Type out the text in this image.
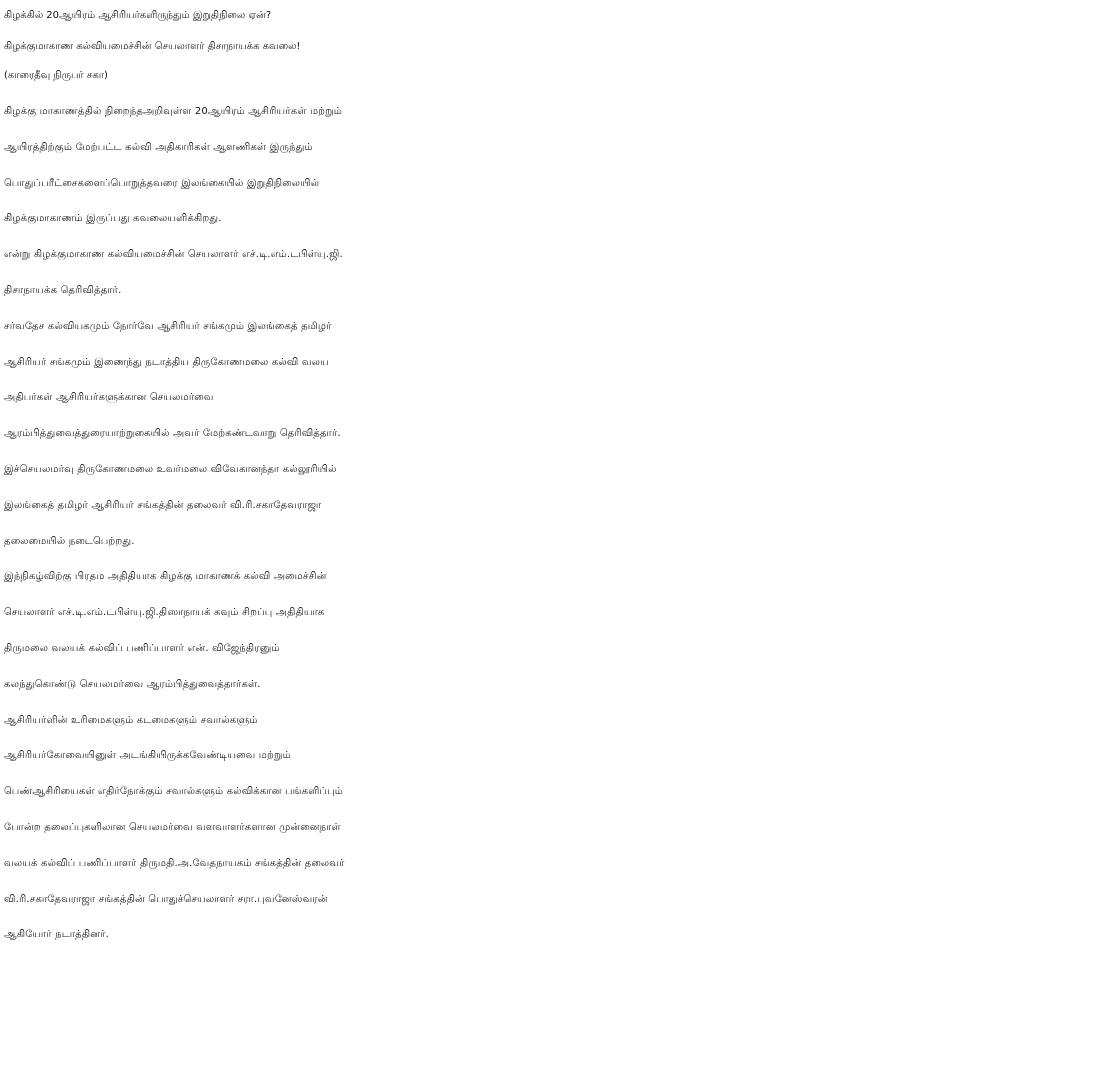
கிழக்கில் 20ஆயிரம் ஆசிரியர்களிருந்தும் இறுதிநிலை ஏன்?
கிழக்குமாகாண கல்வியமைச்சின் செயலாளர் திசாநாயக்க கவலை!
(காரைதீவு நிருபர் சகா)
கிழக்கு மாகாணத்தில் நிறைந்தஅறிவுள்ள 20ஆயிரம் ஆசிரியர்கள் மற்றும்
ஆயிரத்திற்கும் மேற்பட்ட கல்வி அதிகாரிகள் ஆளணிகள் இருந்தும்
பொதுப்பரீட்சைகளைப்பொறுத்தவரை இலங்கையில் இறுதிநிலையில்
கிழக்குமாகாணம் இருப்பது கவலையளிக்கிறது.
என்று கிழக்குமாகாண கல்வியமைச்சின் செயலாளர் எச்.டி.எம்.டபிள்யு.ஜி.
திசாநாயக்க தெரிவித்தார்.
சர்வதேச கல்வியகமும் நோர்வே ஆசிரியர் சங்கமும் இலங்கைத் தமிழர்
ஆசிரியர் சங்கமும் இணைந்து நடாத்திய திருகோணமலை கல்வி வலய
அதிபர்கள் ஆசிரியர்களுக்கான செயலமர்வை
ஆரம்பித்துவைத்துரையாற்றுகையில் அவர் மேற்கண்டவாறு தெரிவித்தார்.
இச்செயலமர்வு திருகோணமலை உவர்மலை விவேகானந்தா கல்லூரியில்
இலங்கைத் தமிழர் ஆசிரியர் சங்கத்தின் தலைவர் வி.ரி.சகாதேவராஜா
தலைமையில் நடைபெற்றது.
இந்நிகழ்விற்கு பிரதம அதிதியாக கிழக்கு மாகாணக் கல்வி அமைச்சின்
செயலாளர் எச்.டி.எம்.டபிள்யு.ஜி.திஸாநாயக் கவும் சிறப்பு அதிதியாக
திருமலை வலயக் கல்விப் பணிப்பாளர் என். விஜேந்திரனும்
கலந்துகொண்டு செயலமர்வை ஆரம்பித்துவைத்தார்கள்.
ஆசிரியர்ளின் உரிமைகளும் கடமைகளும் சவால்களும்
ஆசிரியர்கோவையினுள் அடங்கியிருக்கவேண்டியவை மற்றும்
பெண்ஆசிரியைகள் எதிர்நோக்கும் சவால்களும் கல்விக்கான பங்களிப்பும்
போன்ற தலைப்புகளிலான செயலமர்வை வளவாளர்களான முன்னைநாள்
வலயக் கல்விப் பணிப்பாளர் திருமதி.அ.வேதநாயகம் சங்கத்தின் தலைவர்
வி.ரி.சகாதேவராஜா சங்கத்தின் பொதுச்செயலாளர் சரா.புவனேஸ்வரன்
ஆகியோர் நடாத்தினர்.
